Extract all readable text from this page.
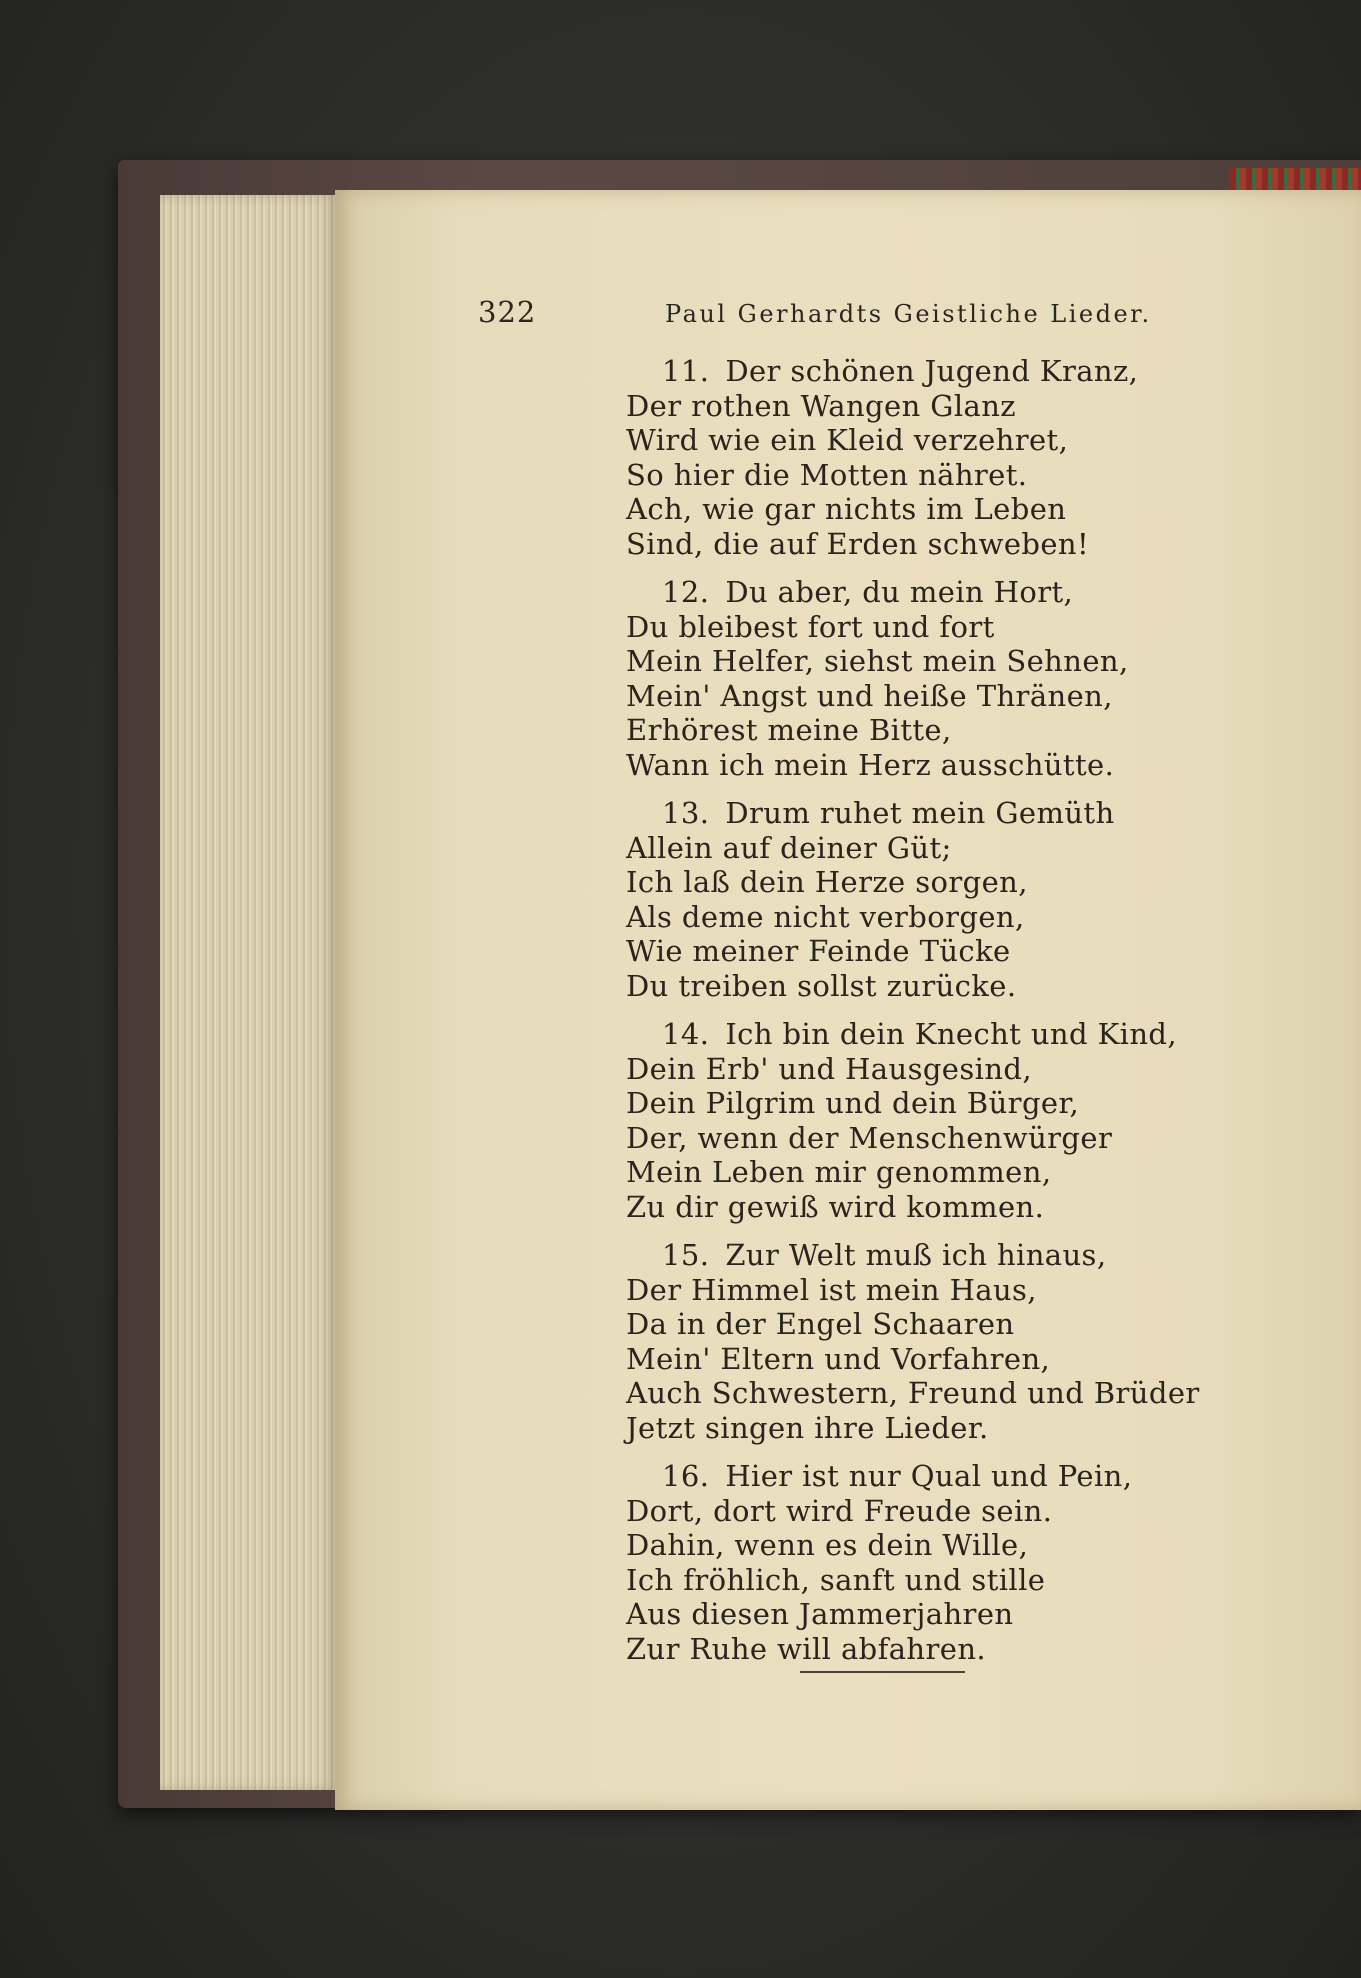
322	Paul Gerhardts Geistliche Lieder.
11. Der schönen Jugend Kranz,
Der rothen Wangen Glanz
Wird wie ein Kleid verzehret,
So hier die Motten nähret.
Ach, wie gar nichts im Leben
Sind, die auf Erden schweben!
12. Du aber, du mein Hort,
Du bleibest fort und fort
Mein Helfer, siehst mein Sehnen,
Mein' Angst und heiße Thränen,
Erhörest meine Bitte,
Wann ich mein Herz ausschütte.
13. Drum ruhet mein Gemüth
Allein auf deiner Güt;
Ich laß dein Herze sorgen,
Als deme nicht verborgen,
Wie meiner Feinde Tücke
Du treiben sollst zurücke.
14. Ich bin dein Knecht und Kind,
Dein Erb' und Hausgesind,
Dein Pilgrim und dein Bürger,
Der, wenn der Menschenwürger
Mein Leben mir genommen,
Zu dir gewiß wird kommen.
15. Zur Welt muß ich hinaus,
Der Himmel ist mein Haus,
Da in der Engel Schaaren
Mein' Eltern und Vorfahren,
Auch Schwestern, Freund und Brüder
Jetzt singen ihre Lieder.
16. Hier ist nur Qual und Pein,
Dort, dort wird Freude sein.
Dahin, wenn es dein Wille,
Ich fröhlich, sanft und stille
Aus diesen Jammerjahren
Zur Ruhe will abfahren.
